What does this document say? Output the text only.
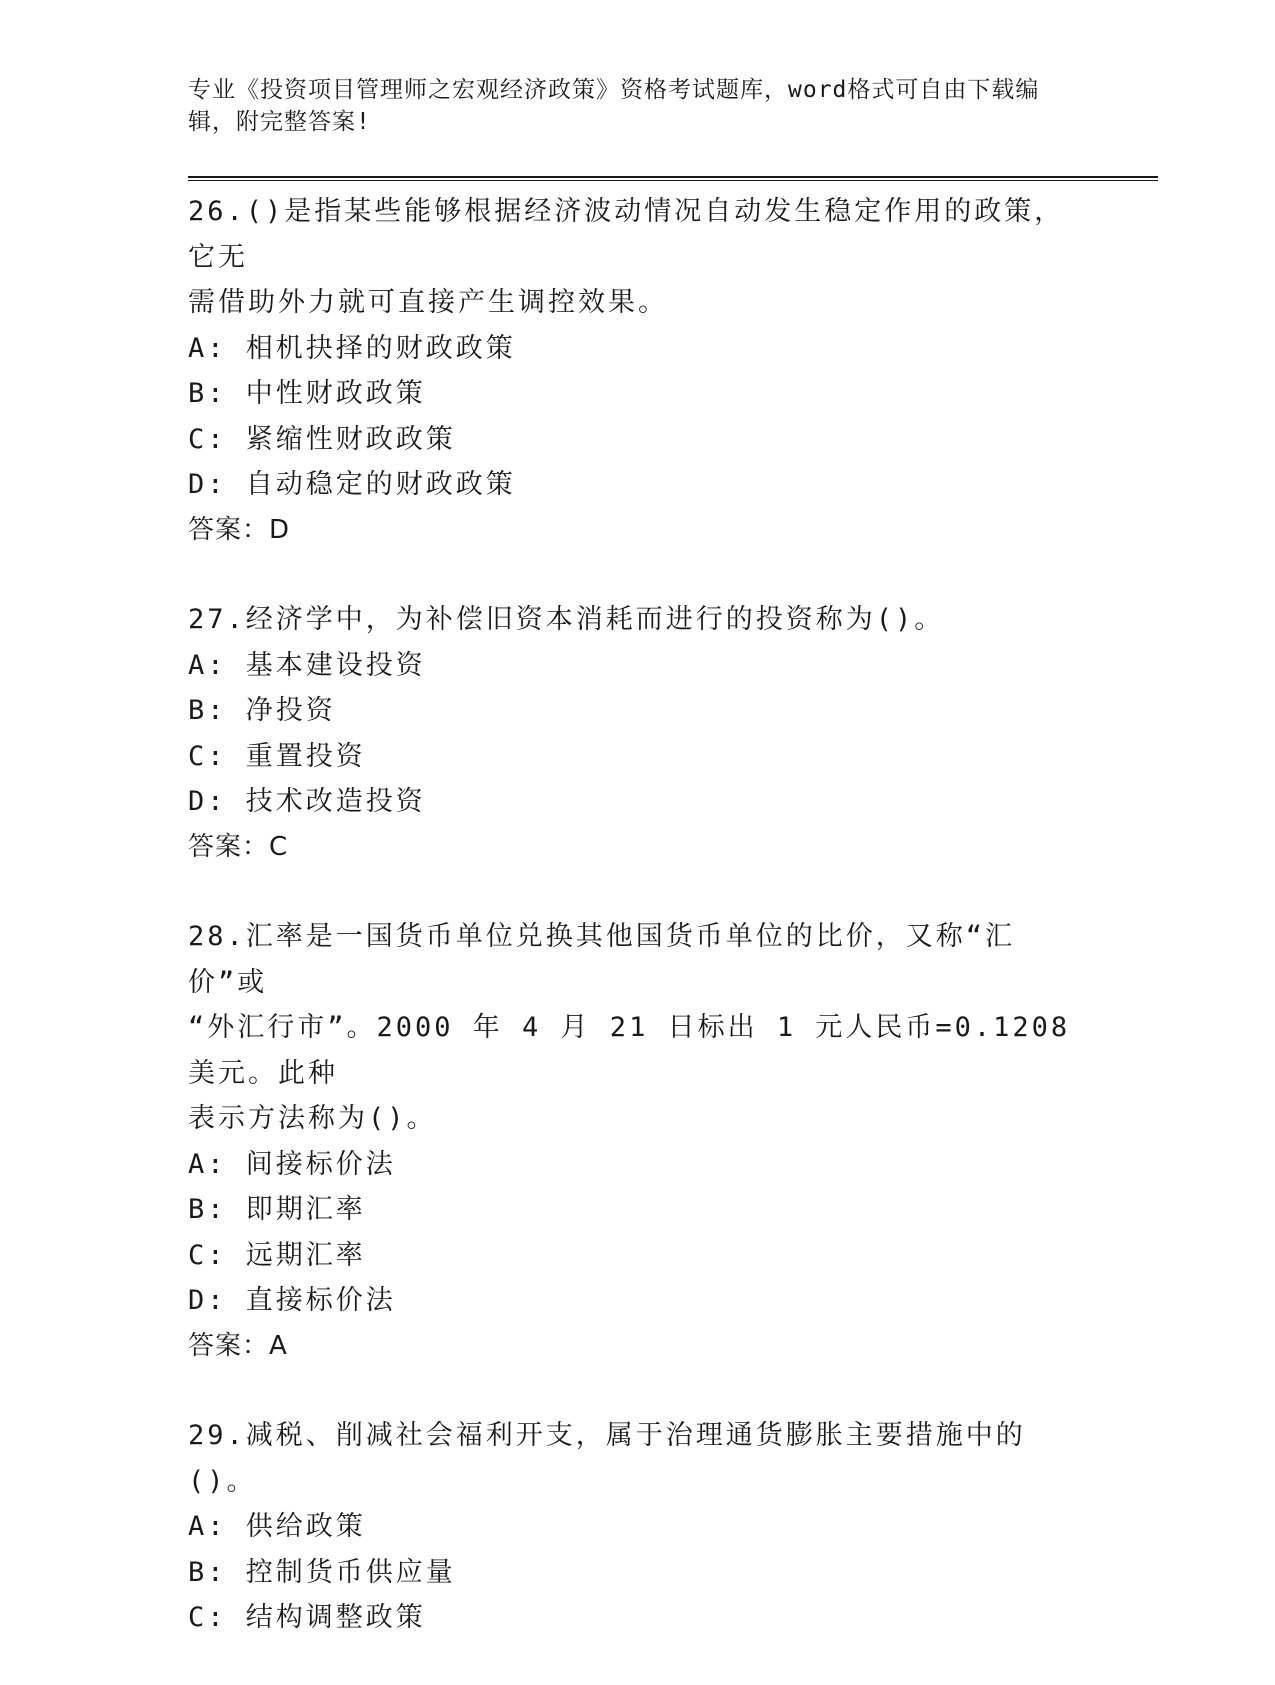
专业《投资项目管理师之宏观经济政策》资格考试题库，word格式可自由下载编
辑，附完整答案!
26.()是指某些能够根据经济波动情况自动发生稳定作用的政策，它无
需借助外力就可直接产生调控效果。
A: 相机抉择的财政政策
B: 中性财政政策
C: 紧缩性财政政策
D: 自动稳定的财政政策
答案：D
27.经济学中，为补偿旧资本消耗而进行的投资称为()。
A: 基本建设投资
B: 净投资
C: 重置投资
D: 技术改造投资
答案：C
28.汇率是一国货币单位兑换其他国货币单位的比价，又称“汇价”或
“外汇行市”。2000 年 4 月 21 日标出 1 元人民币=0.1208 美元。此种
表示方法称为()。
A: 间接标价法
B: 即期汇率
C: 远期汇率
D: 直接标价法
答案：A
29.减税、削减社会福利开支，属于治理通货膨胀主要措施中的()。
A: 供给政策
B: 控制货币供应量
C: 结构调整政策
